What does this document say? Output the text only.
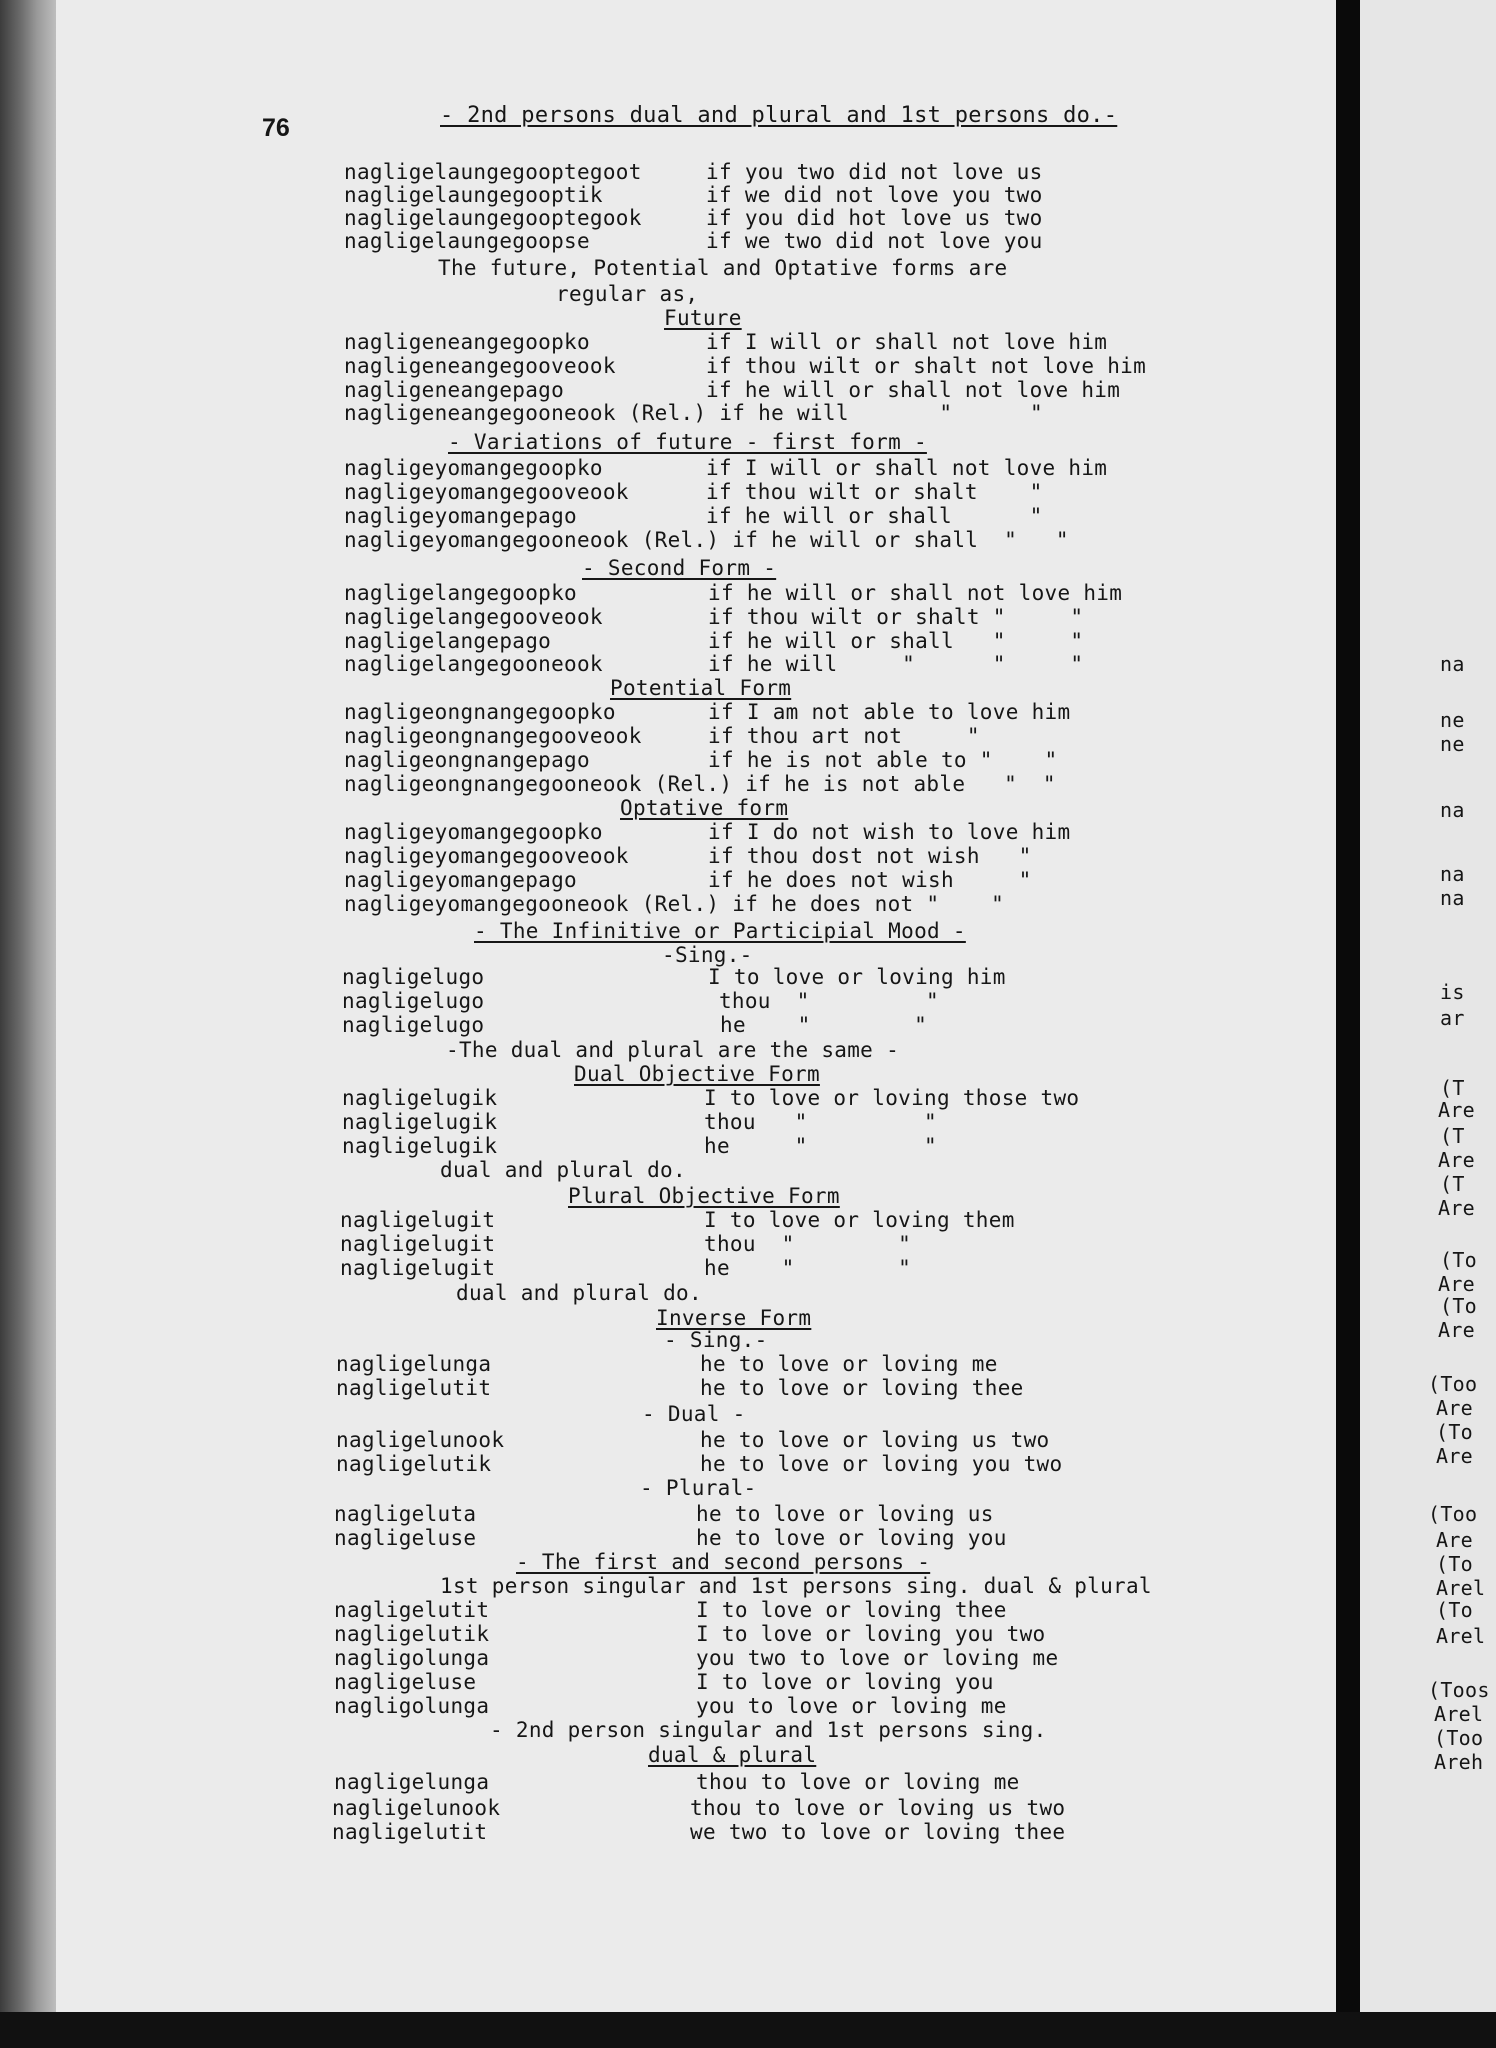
76	- 2nd persons dual and plural and 1st persons do.-
nagligelaungegooptegoot	if you two did not love us
nagligelaungegooptik	if we did not love you two
nagligelaungegooptegook	if you did hot love us two
nagligelaungegoopse	if we two did not love you
The future, Potential and Optative forms are
regular as,
Future
nagligeneangegoopko	if I will or shall not love him
nagligeneangegooveook	if thou wilt or shalt not love him
nagligeneangepago	if he will or shall not love him
nagligeneangegooneook (Rel.) if he will       "      "
- Variations of future - first form -
nagligeyomangegoopko	if I will or shall not love him
nagligeyomangegooveook	if thou wilt or shalt    "
nagligeyomangepago	if he will or shall      "
nagligeyomangegooneook (Rel.) if he will or shall  "   "
- Second Form -
nagligelangegoopko	if he will or shall not love him
nagligelangegooveook	if thou wilt or shalt "     "
nagligelangepago	if he will or shall   "     "
nagligelangegooneook	if he will     "      "     "
Potential Form
nagligeongnangegoopko	if I am not able to love him
nagligeongnangegooveook	if thou art not     "
nagligeongnangepago	if he is not able to "    "
nagligeongnangegooneook (Rel.) if he is not able   "  "
Optative form
nagligeyomangegoopko	if I do not wish to love him
nagligeyomangegooveook	if thou dost not wish   "
nagligeyomangepago	if he does not wish     "
nagligeyomangegooneook (Rel.) if he does not "    "
- The Infinitive or Participial Mood -
-Sing.-
nagligelugo	I to love or loving him
nagligelugo	thou  "         "
nagligelugo	he    "        "
-The dual and plural are the same -
Dual Objective Form
nagligelugik	I to love or loving those two
nagligelugik	thou   "         "
nagligelugik	he     "         "
dual and plural do.
Plural Objective Form
nagligelugit	I to love or loving them
nagligelugit	thou  "        "
nagligelugit	he    "        "
dual and plural do.
Inverse Form
- Sing.-
nagligelunga	he to love or loving me
nagligelutit	he to love or loving thee
- Dual -
nagligelunook	he to love or loving us two
nagligelutik	he to love or loving you two
- Plural-
nagligeluta	he to love or loving us
nagligeluse	he to love or loving you
- The first and second persons -
1st person singular and 1st persons sing. dual & plural
nagligelutit	I to love or loving thee
nagligelutik	I to love or loving you two
nagligolunga	you two to love or loving me
nagligeluse	I to love or loving you
nagligolunga	you to love or loving me
- 2nd person singular and 1st persons sing.
dual & plural
nagligelunga	thou to love or loving me
nagligelunook	thou to love or loving us two
nagligelutit	we two to love or loving thee
na
ne
ne
na
na
na
is
ar
(T
Are
(T
Are
(T
Are
(To
Are
(To
Are
(Too
Are
(To
Are
(Too
Are
(To
Arel
(To
Arel
(Toos
Arel
(Too
Areh
